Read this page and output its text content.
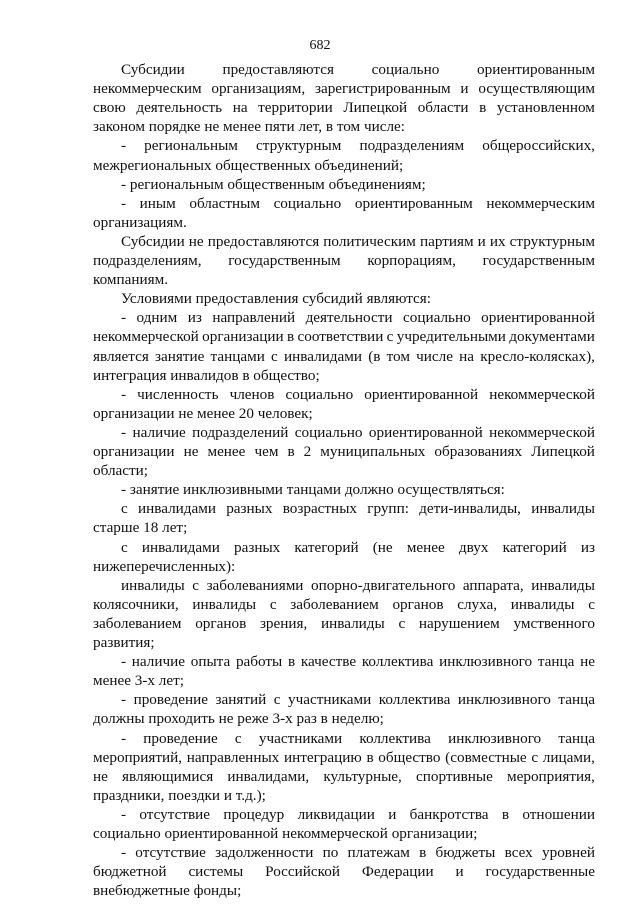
682
Субсидии предоставляются социально ориентированным
некоммерческим организациям, зарегистрированным и осуществляющим
свою деятельность на территории Липецкой области в установленном
законом порядке не менее пяти лет, в том числе:
- региональным структурным подразделениям общероссийских,
межрегиональных общественных объединений;
- региональным общественным объединениям;
- иным областным социально ориентированным некоммерческим
организациям.
Субсидии не предоставляются политическим партиям и их структурным
подразделениям, государственным корпорациям, государственным
компаниям.
Условиями предоставления субсидий являются:
- одним из направлений деятельности социально ориентированной
некоммерческой организации в соответствии с учредительными документами
является занятие танцами с инвалидами (в том числе на кресло-колясках),
интеграция инвалидов в общество;
- численность членов социально ориентированной некоммерческой
организации не менее 20 человек;
- наличие подразделений социально ориентированной некоммерческой
организации не менее чем в 2 муниципальных образованиях Липецкой
области;
- занятие инклюзивными танцами должно осуществляться:
с инвалидами разных возрастных групп: дети-инвалиды, инвалиды
старше 18 лет;
с инвалидами разных категорий (не менее двух категорий из
нижеперечисленных):
инвалиды с заболеваниями опорно-двигательного аппарата, инвалиды
колясочники, инвалиды с заболеванием органов слуха, инвалиды с
заболеванием органов зрения, инвалиды с нарушением умственного
развития;
- наличие опыта работы в качестве коллектива инклюзивного танца не
менее 3-х лет;
- проведение занятий с участниками коллектива инклюзивного танца
должны проходить не реже 3-х раз в неделю;
- проведение с участниками коллектива инклюзивного танца
мероприятий, направленных интеграцию в общество (совместные с лицами,
не являющимися инвалидами, культурные, спортивные мероприятия,
праздники, поездки и т.д.);
- отсутствие процедур ликвидации и банкротства в отношении
социально ориентированной некоммерческой организации;
- отсутствие задолженности по платежам в бюджеты всех уровней
бюджетной системы Российской Федерации и государственные
внебюджетные фонды;
